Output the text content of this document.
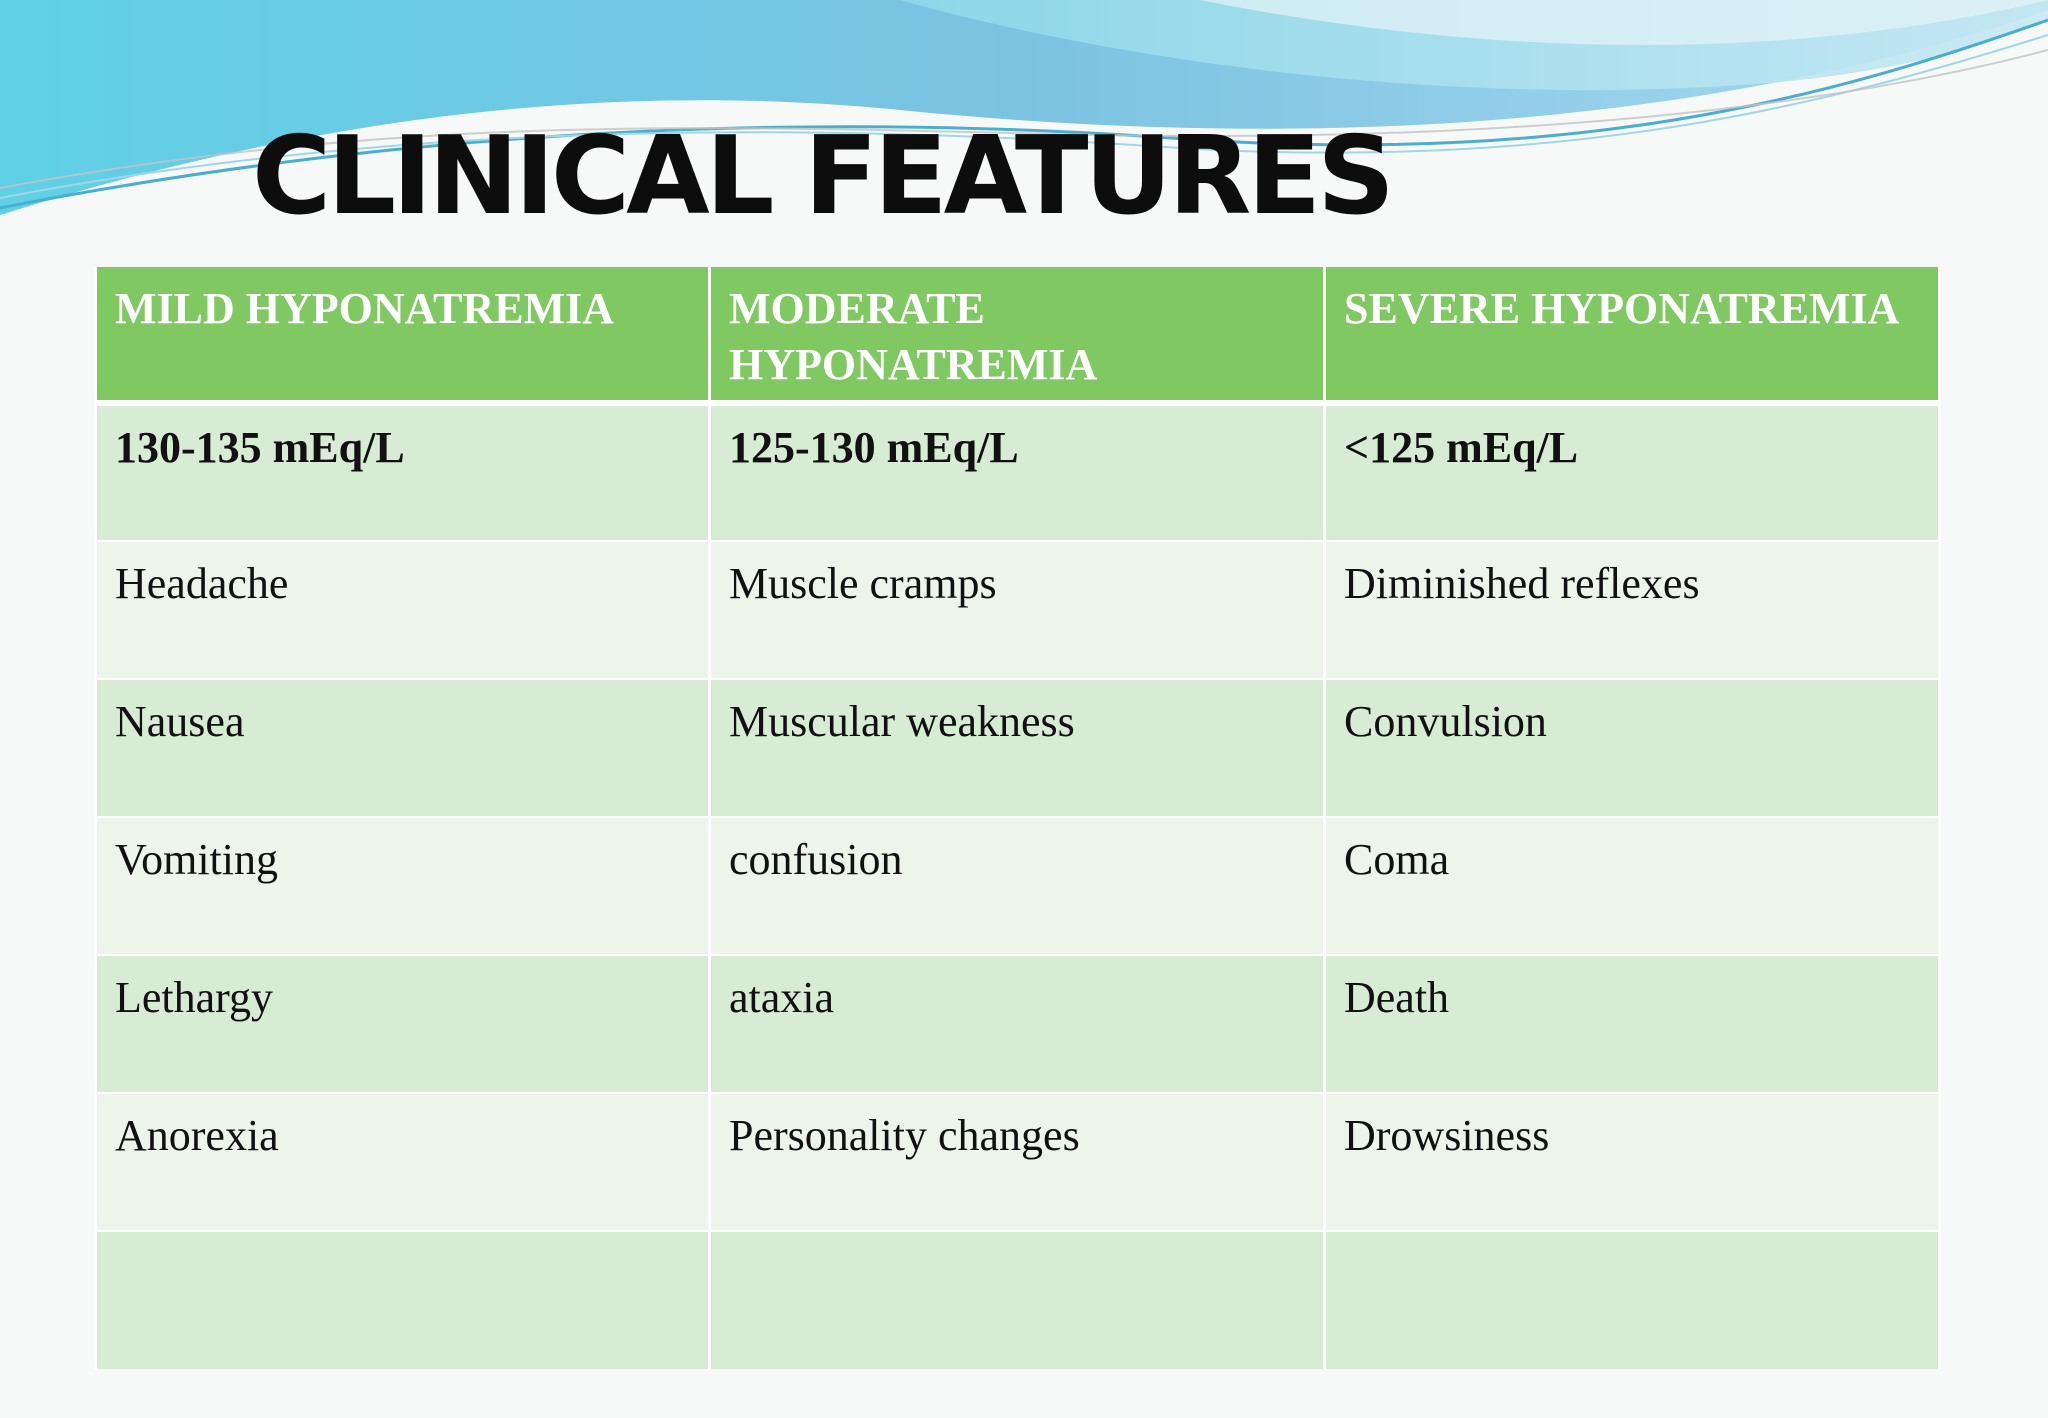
CLINICAL FEATURES
MILD HYPONATREMIA	MODERATE HYPONATREMIA	SEVERE HYPONATREMIA
130-135 mEq/L	125-130 mEq/L	<125 mEq/L
Headache	Muscle cramps	Diminished reflexes
Nausea	Muscular weakness	Convulsion
Vomiting	confusion	Coma
Lethargy	ataxia	Death
Anorexia	Personality changes	Drowsiness
